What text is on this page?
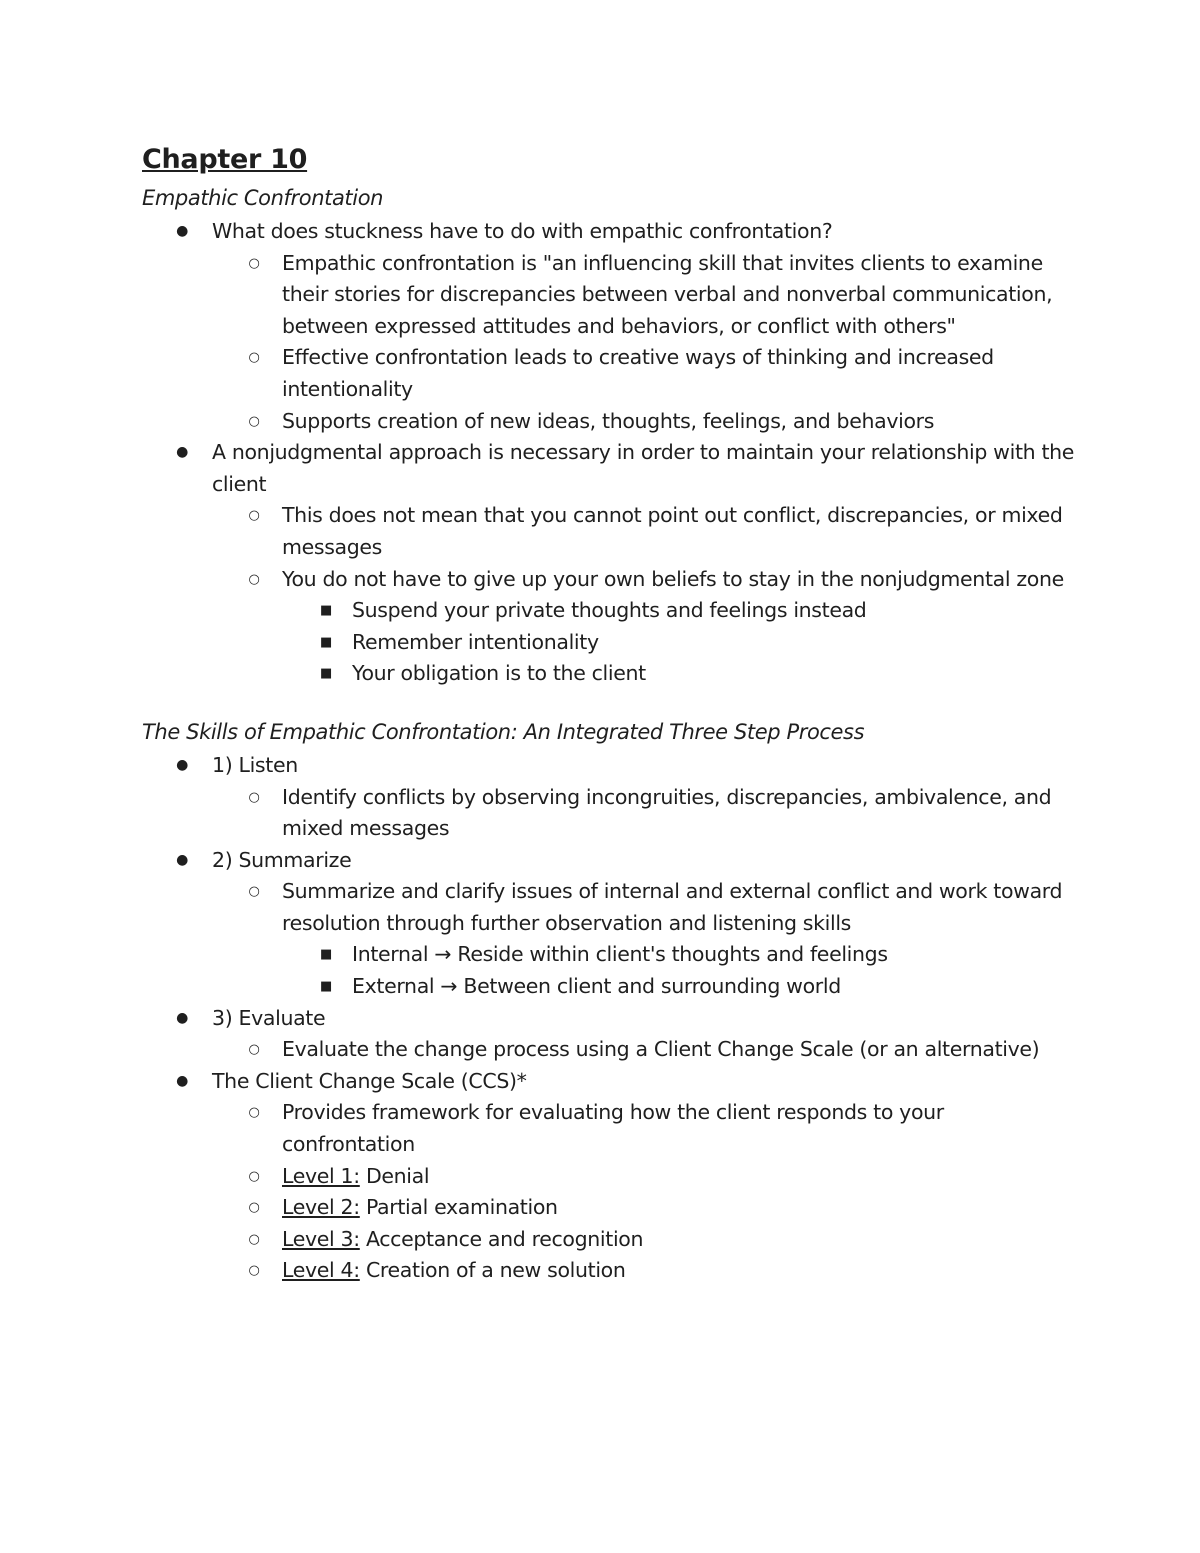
Chapter 10

Empathic Confrontation

● What does stuckness have to do with empathic confrontation?
○ Empathic confrontation is "an influencing skill that invites clients to examine their stories for discrepancies between verbal and nonverbal communication, between expressed attitudes and behaviors, or conflict with others"
○ Effective confrontation leads to creative ways of thinking and increased intentionality
○ Supports creation of new ideas, thoughts, feelings, and behaviors
● A nonjudgmental approach is necessary in order to maintain your relationship with the client
○ This does not mean that you cannot point out conflict, discrepancies, or mixed messages
○ You do not have to give up your own beliefs to stay in the nonjudgmental zone
■ Suspend your private thoughts and feelings instead
■ Remember intentionality
■ Your obligation is to the client

The Skills of Empathic Confrontation: An Integrated Three Step Process

● 1) Listen
○ Identify conflicts by observing incongruities, discrepancies, ambivalence, and mixed messages
● 2) Summarize
○ Summarize and clarify issues of internal and external conflict and work toward resolution through further observation and listening skills
■ Internal → Reside within client's thoughts and feelings
■ External → Between client and surrounding world
● 3) Evaluate
○ Evaluate the change process using a Client Change Scale (or an alternative)
● The Client Change Scale (CCS)*
○ Provides framework for evaluating how the client responds to your confrontation
○ Level 1: Denial
○ Level 2: Partial examination
○ Level 3: Acceptance and recognition
○ Level 4: Creation of a new solution
